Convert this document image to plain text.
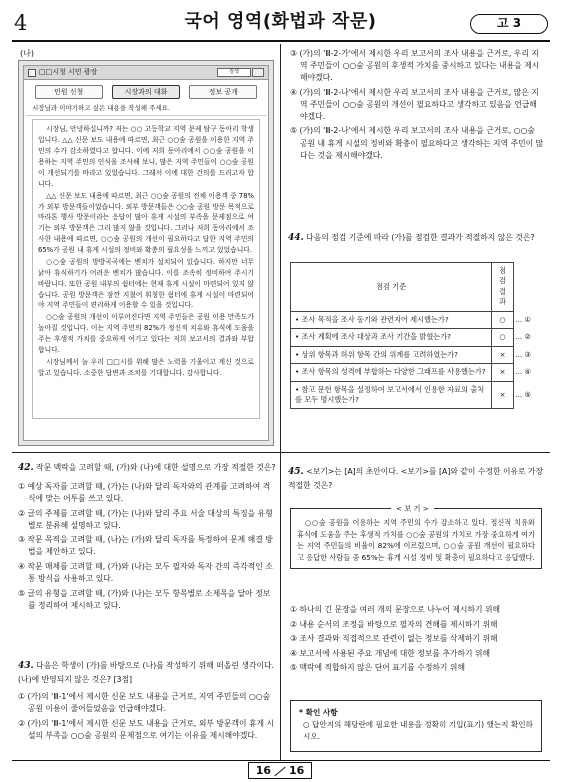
4	국어 영역(화법과 작문)	고 3
(나)
□□시청 시민 광장	검색
민원 신청	시장과의 대화	정보 공개
시장님과 이야기하고 싶은 내용을 작성해 주세요.

시장님, 안녕하십니까? 저는 ○○ 고등학교 지역 문제 탐구 동아리 학생입니다. △△ 신문 보도 내용에 따르면, 최근 ○○숲 공원을 이용한 지역 주민의 수가 감소하였다고 합니다. 이에 저희 동아리에서 ○○숲 공원을 이용하는 지역 주민의 인식을 조사해 보니, 많은 지역 주민들이 ○○숲 공원이 개선되기를 바라고 있었습니다. 그래서 이에 대한 건의를 드리고자 합니다.

△△ 신문 보도 내용에 따르면, 최근 ○○숲 공원의 전체 이용객 중 78%가 외부 방문객들이었습니다. 외부 방문객들은 ○○숲 공원 방문 목적으로 마라톤 행사 방문이라는 응답이 많아 휴게 시설의 부족을 문제점으로 여기는 외부 방문객은 그리 많지 않을 것입니다. 그러나 저희 동아리에서 조사한 내용에 따르면, ○○숲 공원의 개선이 필요하다고 답한 지역 주민의 65%가 공원 내 휴게 시설의 정비와 확충의 필요성을 느끼고 있었습니다.

○○숲 공원의 방방곡곡에는 벤치가 설치되어 있습니다. 하지만 너무 낡아 휴식하기가 어려운 벤치가 많습니다. 이를 조속히 정비하여 주시기 바랍니다. 또한 공원 내부의 쉼터에는 현재 휴게 시설이 마련되어 있지 않습니다. 공원 방문객은 잠깐 지쳤어 휘청한 쉼터에 휴게 시설이 마련되어야 지역 주민들이 편리하게 이용할 수 있을 것입니다.

○○숲 공원의 개선이 이루어진다면 지역 주민들은 공원 이용 만족도가 높아질 것입니다. 이는 지역 주민의 82%가 정신적 치유와 휴식에 도움을 주는 후생적 가치를 중요하게 여기고 있다는 저희 보고서의 결과와 부합합니다.

시장님께서 늘 우리 □□시를 위해 많은 노력을 기울이고 계신 것으로 알고 있습니다. 소중한 답변과 조치를 기대합니다. 감사합니다.

③ (가)의 'Ⅲ-2-가'에서 제시한 우리 보고서의 조사 내용을 근거로, 우리 지역 주민들이 ○○숲 공원의 후생적 가치를 중시하고 있다는 내용을 제시해야겠다.
④ (가)의 'Ⅲ-2-나'에서 제시한 우리 보고서의 조사 내용을 근거로, 많은 지역 주민들이 ○○숲 공원의 개선이 필요하다고 생각하고 있음을 언급해야겠다.
⑤ (가)의 'Ⅲ-2-나'에서 제시한 우리 보고서의 조사 내용을 근거로, ○○숲 공원 내 휴게 시설의 정비와 확충이 필요하다고 생각하는 지역 주민이 많다는 것을 제시해야겠다.
44. 다음의 점검 기준에 따라 (가)를 점검한 결과가 적절하지 않은 것은?
점검 기준	점검 결과	
• 조사 목적을 조사 동기와 관련지어 제시했는가?	○	… ①
• 조사 계획에 조사 대상과 조사 기간을 밝혔는가?	○	… ②
• 상위 항목과 하위 항목 간의 위계를 고려하였는가?	×	… ③
• 조사 항목의 성격에 부합하는 다양한 그래프를 사용했는가?	×	… ④
• 참고 문헌 항목을 설정하여 보고서에서 인용한 자료의 출처를 모두 명시했는가?	×	… ⑤
42. 작문 맥락을 고려할 때, (가)와 (나)에 대한 설명으로 가장 적절한 것은?
① 예상 독자를 고려할 때, (가)는 (나)와 달리 독자와의 관계를 고려하여 격식에 맞는 어투를 쓰고 있다.
② 글의 주제를 고려할 때, (가)는 (나)와 달리 주요 서술 대상의 특징을 유형별로 분류해 설명하고 있다.
③ 작문 목적을 고려할 때, (나)는 (가)와 달리 독자를 특정하여 문제 해결 방법을 제안하고 있다.
④ 작문 매체를 고려할 때, (가)와 (나)는 모두 필자와 독자 간의 즉각적인 소통 방식을 사용하고 있다.
⑤ 글의 유형을 고려할 때, (가)와 (나)는 모두 항목별로 소제목을 달아 정보를 정리하여 제시하고 있다.
43. 다음은 학생이 (가)를 바탕으로 (나)를 작성하기 위해 떠올린 생각이다. (나)에 반영되지 않은 것은? [3점]
① (가)의 'Ⅲ-1'에서 제시한 신문 보도 내용을 근거로, 지역 주민들의 ○○숲 공원 이용이 줄어들었음을 언급해야겠다.
② (가)의 'Ⅲ-1'에서 제시한 신문 보도 내용을 근거로, 외부 방문객이 휴게 시설의 부족을 ○○숲 공원의 문제점으로 여기는 이유를 제시해야겠다.
45. <보기>는 [A]의 초안이다. <보기>를 [A]와 같이 수정한 이유로 가장 적절한 것은?
< 보 기 >

○○숲 공원을 이용하는 지역 주민의 수가 감소하고 있다. 정신적 치유와 휴식에 도움을 주는 후생적 가치를 ○○숲 공원의 가치로 가장 중요하게 여기는 지역 주민들의 비율이 82%에 이르렀으며, ○○숲 공원 개선이 필요하다고 응답한 사람들 중 65%는 휴게 시설 정비 및 확충이 필요하다고 응답했다.

① 하나의 긴 문장을 여러 개의 문장으로 나누어 제시하기 위해
② 내용 순서의 조정을 바탕으로 필자의 견해를 제시하기 위해
③ 조사 결과와 직접적으로 관련이 없는 정보를 삭제하기 위해
④ 보고서에 사용된 주요 개념에 대한 정보를 추가하기 위해
⑤ 맥락에 적합하지 않은 단어 표기를 수정하기 위해
* 확인 사항
○ 답안지의 해당란에 필요한 내용을 정확히 기입(표기) 했는지 확인하시오.
16 16
